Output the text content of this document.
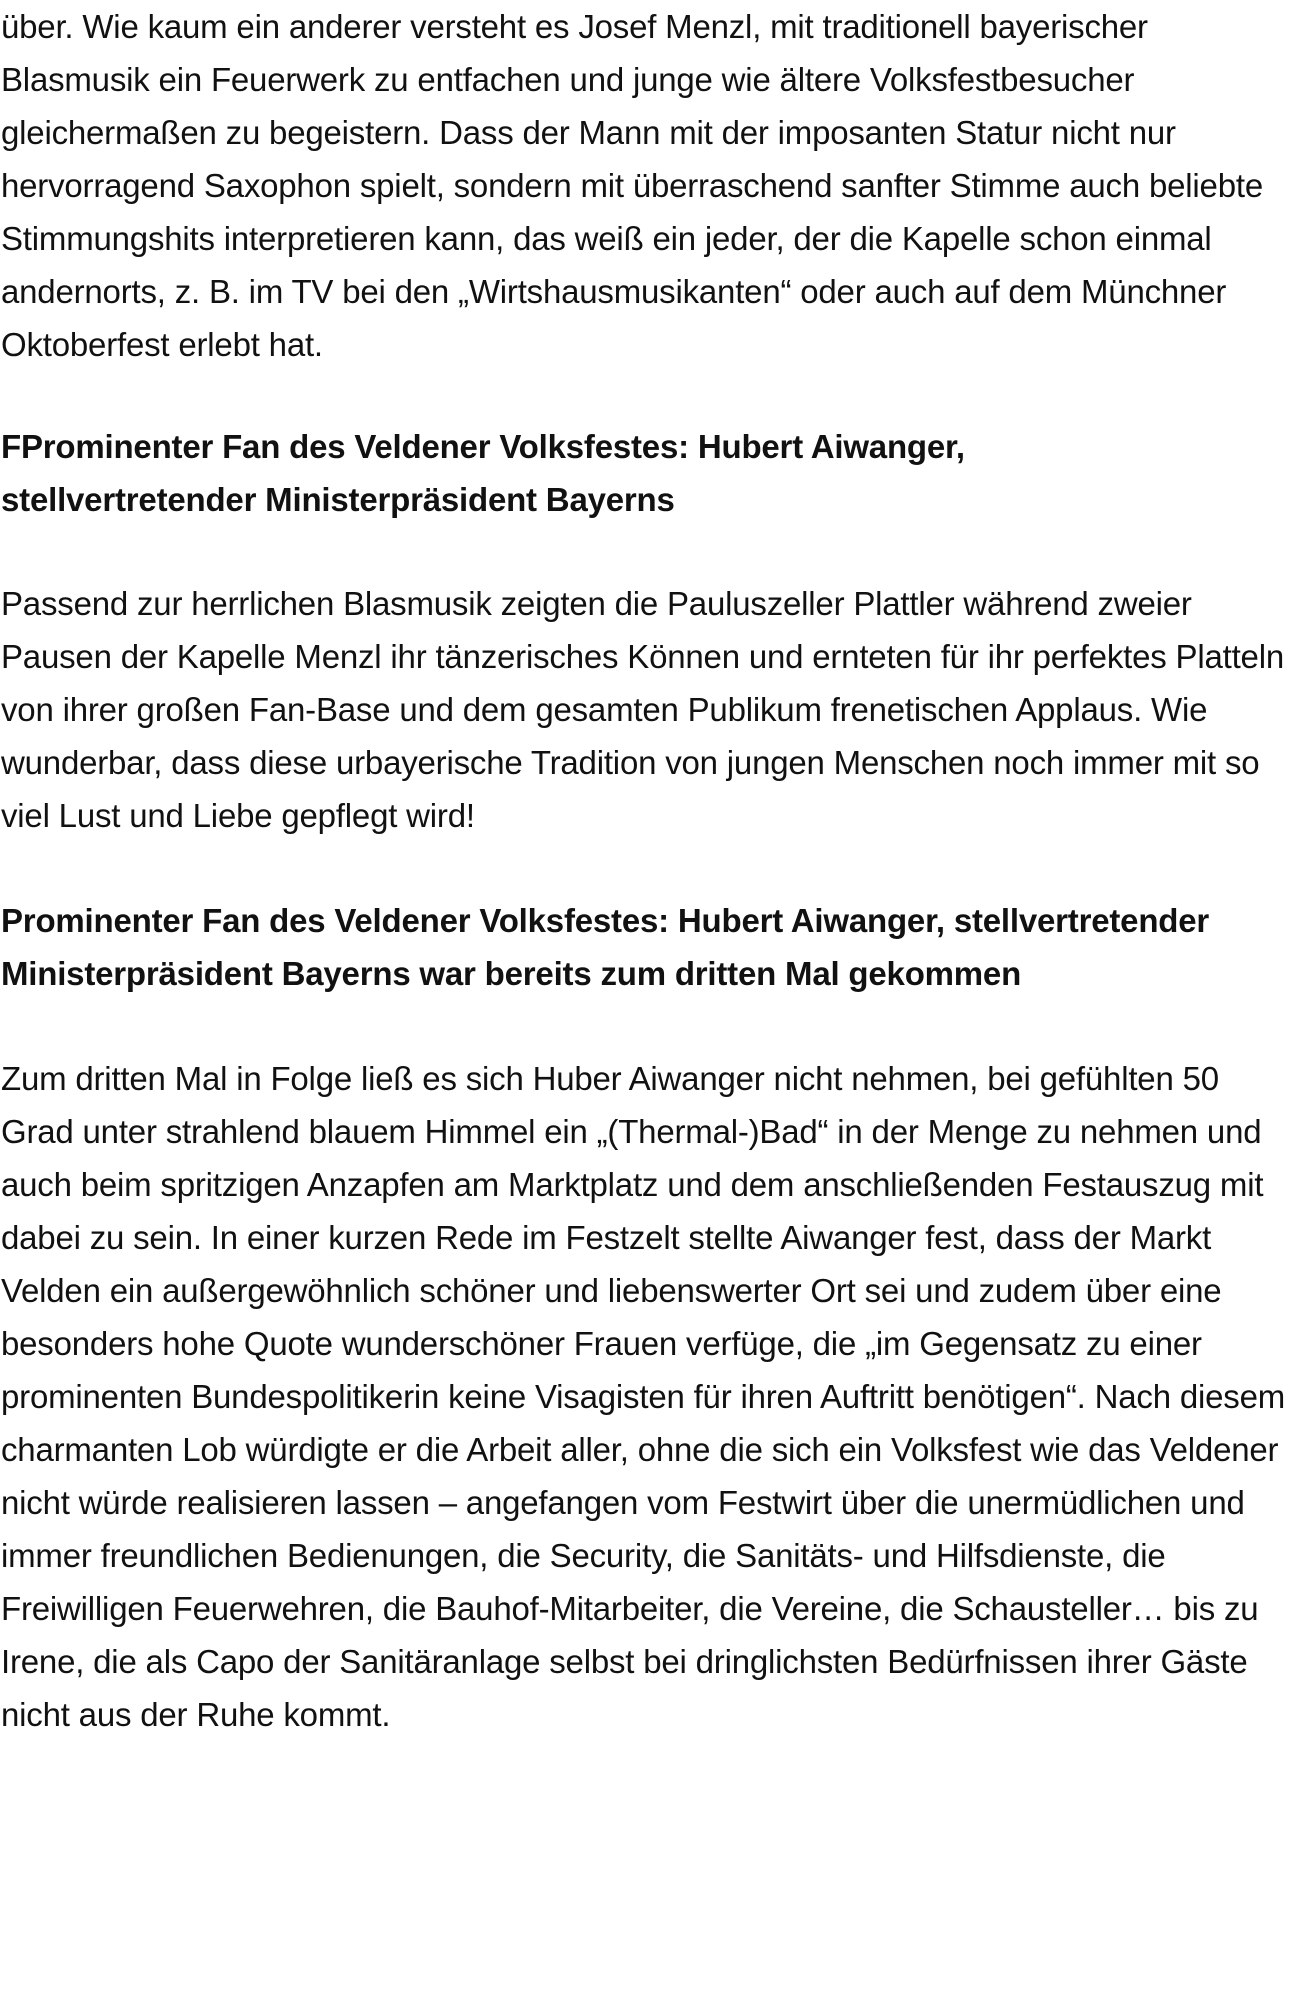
über. Wie kaum ein anderer versteht es Josef Menzl, mit traditionell bayerischer Blasmusik ein Feuerwerk zu entfachen und junge wie ältere Volksfestbesucher gleichermaßen zu begeistern. Dass der Mann mit der imposanten Statur nicht nur hervorragend Saxophon spielt, sondern mit überraschend sanfter Stimme auch beliebte Stimmungshits interpretieren kann, das weiß ein jeder, der die Kapelle schon einmal andernorts, z. B. im TV bei den „Wirtshausmusikanten“ oder auch auf dem Münchner Oktoberfest erlebt hat.

FProminenter Fan des Veldener Volksfestes: Hubert Aiwanger, stellvertretender Ministerpräsident Bayerns

Passend zur herrlichen Blasmusik zeigten die Pauluszeller Plattler während zweier Pausen der Kapelle Menzl ihr tänzerisches Können und ernteten für ihr perfektes Platteln von ihrer großen Fan-Base und dem gesamten Publikum frenetischen Applaus. Wie wunderbar, dass diese urbayerische Tradition von jungen Menschen noch immer mit so viel Lust und Liebe gepflegt wird!

Prominenter Fan des Veldener Volksfestes: Hubert Aiwanger, stellvertretender Ministerpräsident Bayerns war bereits zum dritten Mal gekommen

Zum dritten Mal in Folge ließ es sich Huber Aiwanger nicht nehmen, bei gefühlten 50 Grad unter strahlend blauem Himmel ein „(Thermal-)Bad“ in der Menge zu nehmen und auch beim spritzigen Anzapfen am Marktplatz und dem anschließenden Festauszug mit dabei zu sein. In einer kurzen Rede im Festzelt stellte Aiwanger fest, dass der Markt Velden ein außergewöhnlich schöner und liebenswerter Ort sei und zudem über eine besonders hohe Quote wunderschöner Frauen verfüge, die „im Gegensatz zu einer prominenten Bundespolitikerin keine Visagisten für ihren Auftritt benötigen“. Nach diesem charmanten Lob würdigte er die Arbeit aller, ohne die sich ein Volksfest wie das Veldener nicht würde realisieren lassen – angefangen vom Festwirt über die unermüdlichen und immer freundlichen Bedienungen, die Security, die Sanitäts- und Hilfsdienste, die Freiwilligen Feuerwehren, die Bauhof-Mitarbeiter, die Vereine, die Schausteller… bis zu Irene, die als Capo der Sanitäranlage selbst bei dringlichsten Bedürfnissen ihrer Gäste nicht aus der Ruhe kommt.
